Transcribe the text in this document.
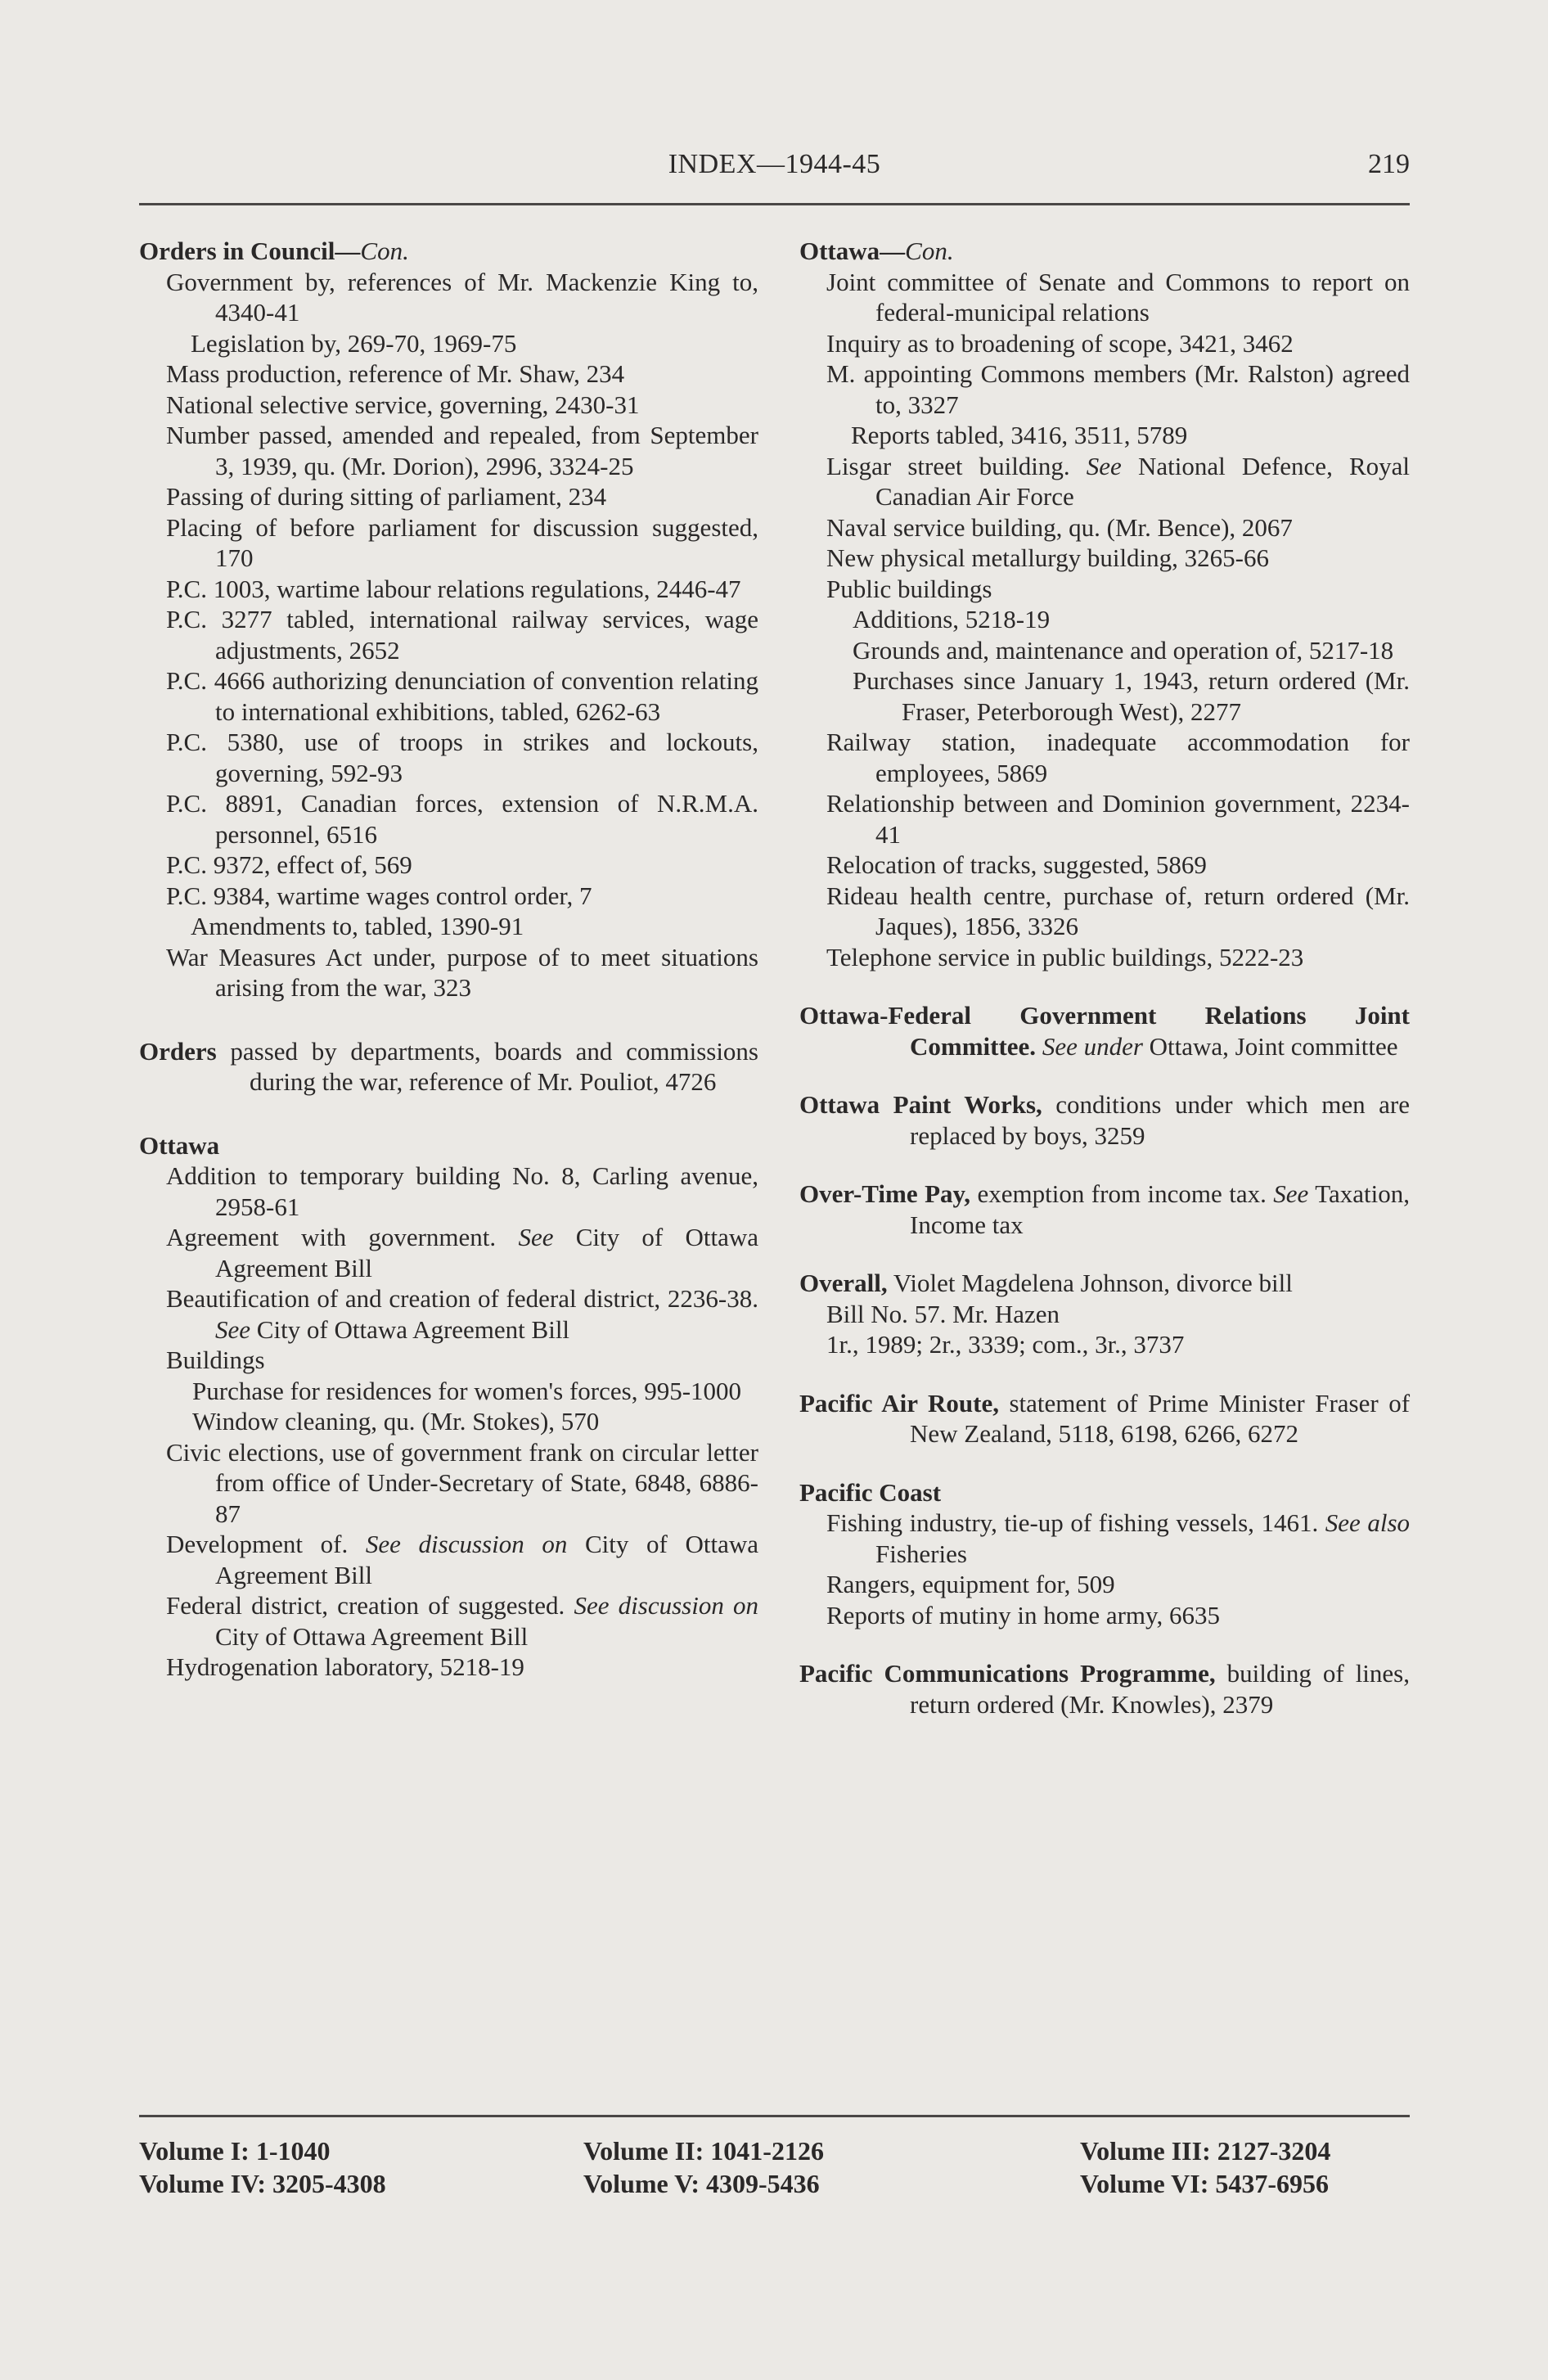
INDEX—1944-45	219

Orders in Council—Con.

Government by, references of Mr. Mackenzie King to, 4340-41

Legislation by, 269-70, 1969-75

Mass production, reference of Mr. Shaw, 234

National selective service, governing, 2430-31

Number passed, amended and repealed, from September 3, 1939, qu. (Mr. Dorion), 2996, 3324-25

Passing of during sitting of parliament, 234

Placing of before parliament for discussion suggested, 170

P.C. 1003, wartime labour relations regulations, 2446-47

P.C. 3277 tabled, international railway services, wage adjustments, 2652

P.C. 4666 authorizing denunciation of convention relating to international exhibitions, tabled, 6262-63

P.C. 5380, use of troops in strikes and lockouts, governing, 592-93

P.C. 8891, Canadian forces, extension of N.R.M.A. personnel, 6516

P.C. 9372, effect of, 569

P.C. 9384, wartime wages control order, 7

Amendments to, tabled, 1390-91

War Measures Act under, purpose of to meet situations arising from the war, 323

Orders passed by departments, boards and commissions during the war, reference of Mr. Pouliot, 4726

Ottawa

Addition to temporary building No. 8, Carling avenue, 2958-61

Agreement with government. See City of Ottawa Agreement Bill

Beautification of and creation of federal district, 2236-38. See City of Ottawa Agreement Bill

Buildings

Purchase for residences for women's forces, 995-1000

Window cleaning, qu. (Mr. Stokes), 570

Civic elections, use of government frank on circular letter from office of Under-Secretary of State, 6848, 6886-87

Development of. See discussion on City of Ottawa Agreement Bill

Federal district, creation of suggested. See discussion on City of Ottawa Agreement Bill

Hydrogenation laboratory, 5218-19

Ottawa—Con.

Joint committee of Senate and Commons to report on federal-municipal relations

Inquiry as to broadening of scope, 3421, 3462

M. appointing Commons members (Mr. Ralston) agreed to, 3327

Reports tabled, 3416, 3511, 5789

Lisgar street building. See National Defence, Royal Canadian Air Force

Naval service building, qu. (Mr. Bence), 2067

New physical metallurgy building, 3265-66

Public buildings

Additions, 5218-19

Grounds and, maintenance and operation of, 5217-18

Purchases since January 1, 1943, return ordered (Mr. Fraser, Peterborough West), 2277

Railway station, inadequate accommodation for employees, 5869

Relationship between and Dominion government, 2234-41

Relocation of tracks, suggested, 5869

Rideau health centre, purchase of, return ordered (Mr. Jaques), 1856, 3326

Telephone service in public buildings, 5222-23

Ottawa-Federal Government Relations Joint Committee. See under Ottawa, Joint committee

Ottawa Paint Works, conditions under which men are replaced by boys, 3259

Over-Time Pay, exemption from income tax. See Taxation, Income tax

Overall, Violet Magdelena Johnson, divorce bill

Bill No. 57. Mr. Hazen

1r., 1989; 2r., 3339; com., 3r., 3737

Pacific Air Route, statement of Prime Minister Fraser of New Zealand, 5118, 6198, 6266, 6272

Pacific Coast

Fishing industry, tie-up of fishing vessels, 1461. See also Fisheries

Rangers, equipment for, 509

Reports of mutiny in home army, 6635

Pacific Communications Programme, building of lines, return ordered (Mr. Knowles), 2379

Volume I: 1-1040
Volume IV: 3205-4308
Volume II: 1041-2126
Volume V: 4309-5436
Volume III: 2127-3204
Volume VI: 5437-6956
